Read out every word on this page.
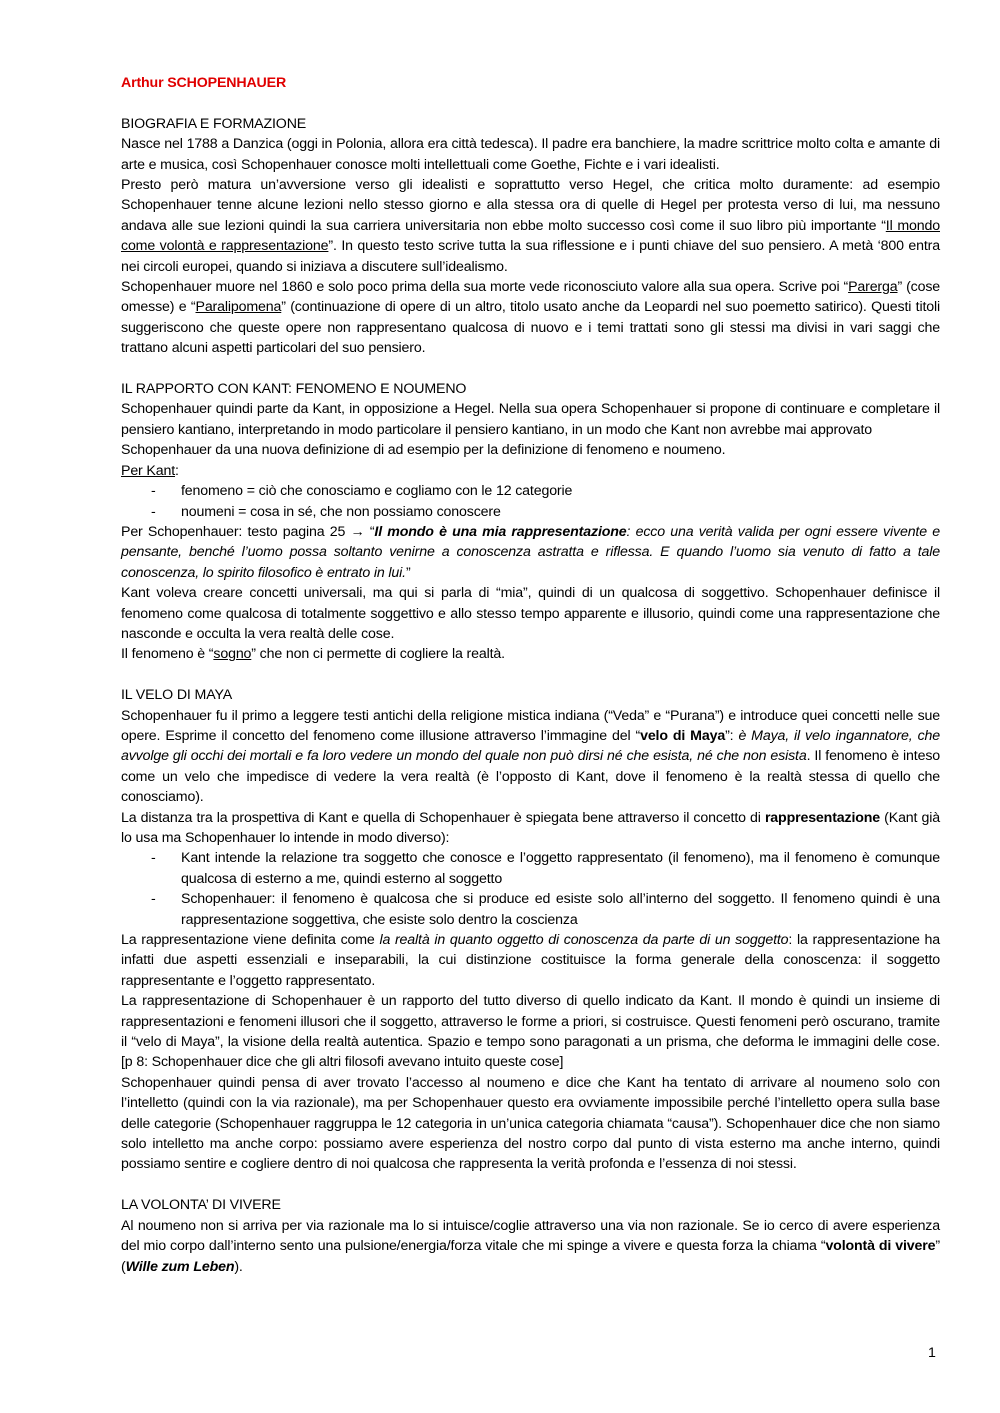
Arthur SCHOPENHAUER

BIOGRAFIA E FORMAZIONE

Nasce nel 1788 a Danzica (oggi in Polonia, allora era città tedesca). Il padre era banchiere, la madre scrittrice molto colta e amante di arte e musica, così Schopenhauer conosce molti intellettuali come Goethe, Fichte e i vari idealisti.

Presto però matura un’avversione verso gli idealisti e soprattutto verso Hegel, che critica molto duramente: ad esempio Schopenhauer tenne alcune lezioni nello stesso giorno e alla stessa ora di quelle di Hegel per protesta verso di lui, ma nessuno andava alle sue lezioni quindi la sua carriera universitaria non ebbe molto successo così come il suo libro più importante “Il mondo come volontà e rappresentazione”. In questo testo scrive tutta la sua riflessione e i punti chiave del suo pensiero. A metà ‘800 entra nei circoli europei, quando si iniziava a discutere sull’idealismo.

Schopenhauer muore nel 1860 e solo poco prima della sua morte vede riconosciuto valore alla sua opera. Scrive poi “Parerga” (cose omesse) e “Paralipomena” (continuazione di opere di un altro, titolo usato anche da Leopardi nel suo poemetto satirico). Questi titoli suggeriscono che queste opere non rappresentano qualcosa di nuovo e i temi trattati sono gli stessi ma divisi in vari saggi che trattano alcuni aspetti particolari del suo pensiero.

IL RAPPORTO CON KANT: FENOMENO E NOUMENO

Schopenhauer quindi parte da Kant, in opposizione a Hegel. Nella sua opera Schopenhauer si propone di continuare e completare il pensiero kantiano, interpretando in modo particolare il pensiero kantiano, in un modo che Kant non avrebbe mai approvato

Schopenhauer da una nuova definizione di ad esempio per la definizione di fenomeno e noumeno.

Per Kant:

- fenomeno = ciò che conosciamo e cogliamo con le 12 categorie
- noumeni = cosa in sé, che non possiamo conoscere

Per Schopenhauer: testo pagina 25 → “Il mondo è una mia rappresentazione: ecco una verità valida per ogni essere vivente e pensante, benché l’uomo possa soltanto venirne a conoscenza astratta e riflessa. E quando l’uomo sia venuto di fatto a tale conoscenza, lo spirito filosofico è entrato in lui.”

Kant voleva creare concetti universali, ma qui si parla di “mia”, quindi di un qualcosa di soggettivo. Schopenhauer definisce il fenomeno come qualcosa di totalmente soggettivo e allo stesso tempo apparente e illusorio, quindi come una rappresentazione che nasconde e occulta la vera realtà delle cose.

Il fenomeno è “sogno” che non ci permette di cogliere la realtà.

IL VELO DI MAYA

Schopenhauer fu il primo a leggere testi antichi della religione mistica indiana (“Veda” e “Purana”) e introduce quei concetti nelle sue opere. Esprime il concetto del fenomeno come illusione attraverso l’immagine del “velo di Maya”: è Maya, il velo ingannatore, che avvolge gli occhi dei mortali e fa loro vedere un mondo del quale non può dirsi né che esista, né che non esista. Il fenomeno è inteso come un velo che impedisce di vedere la vera realtà (è l’opposto di Kant, dove il fenomeno è la realtà stessa di quello che conosciamo).

La distanza tra la prospettiva di Kant e quella di Schopenhauer è spiegata bene attraverso il concetto di rappresentazione (Kant già lo usa ma Schopenhauer lo intende in modo diverso):

- Kant intende la relazione tra soggetto che conosce e l’oggetto rappresentato (il fenomeno), ma il fenomeno è comunque qualcosa di esterno a me, quindi esterno al soggetto
- Schopenhauer: il fenomeno è qualcosa che si produce ed esiste solo all’interno del soggetto. Il fenomeno quindi è una rappresentazione soggettiva, che esiste solo dentro la coscienza

La rappresentazione viene definita come la realtà in quanto oggetto di conoscenza da parte di un soggetto: la rappresentazione ha infatti due aspetti essenziali e inseparabili, la cui distinzione costituisce la forma generale della conoscenza: il soggetto rappresentante e l’oggetto rappresentato.

La rappresentazione di Schopenhauer è un rapporto del tutto diverso di quello indicato da Kant. Il mondo è quindi un insieme di rappresentazioni e fenomeni illusori che il soggetto, attraverso le forme a priori, si costruisce. Questi fenomeni però oscurano, tramite il “velo di Maya”, la visione della realtà autentica. Spazio e tempo sono paragonati a un prisma, che deforma le immagini delle cose. [p 8: Schopenhauer dice che gli altri filosofi avevano intuito queste cose]

Schopenhauer quindi pensa di aver trovato l’accesso al noumeno e dice che Kant ha tentato di arrivare al noumeno solo con l’intelletto (quindi con la via razionale), ma per Schopenhauer questo era ovviamente impossibile perché l’intelletto opera sulla base delle categorie (Schopenhauer raggruppa le 12 categoria in un’unica categoria chiamata “causa”). Schopenhauer dice che non siamo solo intelletto ma anche corpo: possiamo avere esperienza del nostro corpo dal punto di vista esterno ma anche interno, quindi possiamo sentire e cogliere dentro di noi qualcosa che rappresenta la verità profonda e l’essenza di noi stessi.

LA VOLONTA’ DI VIVERE

Al noumeno non si arriva per via razionale ma lo si intuisce/coglie attraverso una via non razionale. Se io cerco di avere esperienza del mio corpo dall’interno sento una pulsione/energia/forza vitale che mi spinge a vivere e questa forza la chiama “volontà di vivere” (Wille zum Leben).

1
